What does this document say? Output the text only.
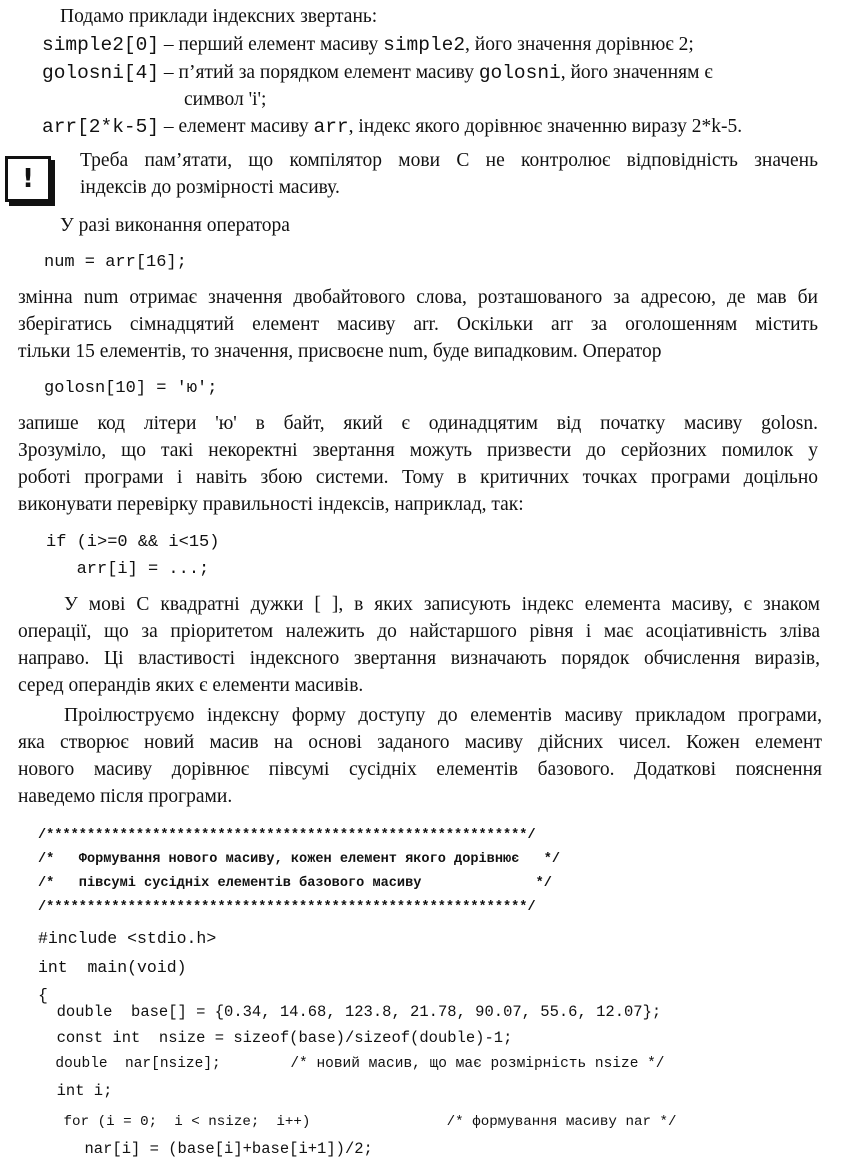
Подамо приклади індексних звертань:
simple2[0] – перший елемент масиву simple2, його значення дорівнює 2;
golosni[4] – п’ятий за порядком елемент масиву golosni, його значенням є
символ 'i';
arr[2*k-5] – елемент масиву arr, індекс якого дорівнює значенню виразу 2*k-5.
!
Треба пам’ятати, що компілятор мови С не контролює відповідність значень
індексів до розмірності масиву.
У разі виконання оператора
num = arr[16];
змінна num отримає значення двобайтового слова, розташованого за адресою, де мав би
зберігатись сімнадцятий елемент масиву arr. Оскільки arr за оголошенням містить
тільки 15 елементів, то значення, присвоєне num, буде випадковим. Оператор
golosn[10] = 'ю';
запише код літери 'ю' в байт, який є одинадцятим від початку масиву golosn.
Зрозуміло, що такі некоректні звертання можуть призвести до серйозних помилок у
роботі програми і навіть збою системи. Тому в критичних точках програми доцільно
виконувати перевірку правильності індексів, наприклад, так:
if (i>=0 && i<15)
arr[i] = ...;
У мові С квадратні дужки [ ], в яких записують індекс елемента масиву, є знаком
операції, що за пріоритетом належить до найстаршого рівня і має асоціативність зліва
направо. Ці властивості індексного звертання визначають порядок обчислення виразів,
серед операндів яких є елементи масивів.
Проілюструємо індексну форму доступу до елементів масиву прикладом програми,
яка створює новий масив на основі заданого масиву дійсних чисел. Кожен елемент
нового масиву дорівнює півсумі сусідніх елементів базового. Додаткові пояснення
наведемо після програми.
/***********************************************************/
/*   Формування нового масиву, кожен елемент якого дорівнює   */
/*   півсумі сусідніх елементів базового масиву              */
/***********************************************************/
#include <stdio.h>
int  main(void)
{
double  base[] = {0.34, 14.68, 123.8, 21.78, 90.07, 55.6, 12.07};
const int  nsize = sizeof(base)/sizeof(double)-1;
double  nar[nsize];        /* новий масив, що має розмірність nsize */
int i;
for (i = 0;  i < nsize;  i++)                /* формування масиву nar */
nar[i] = (base[i]+base[i+1])/2;
